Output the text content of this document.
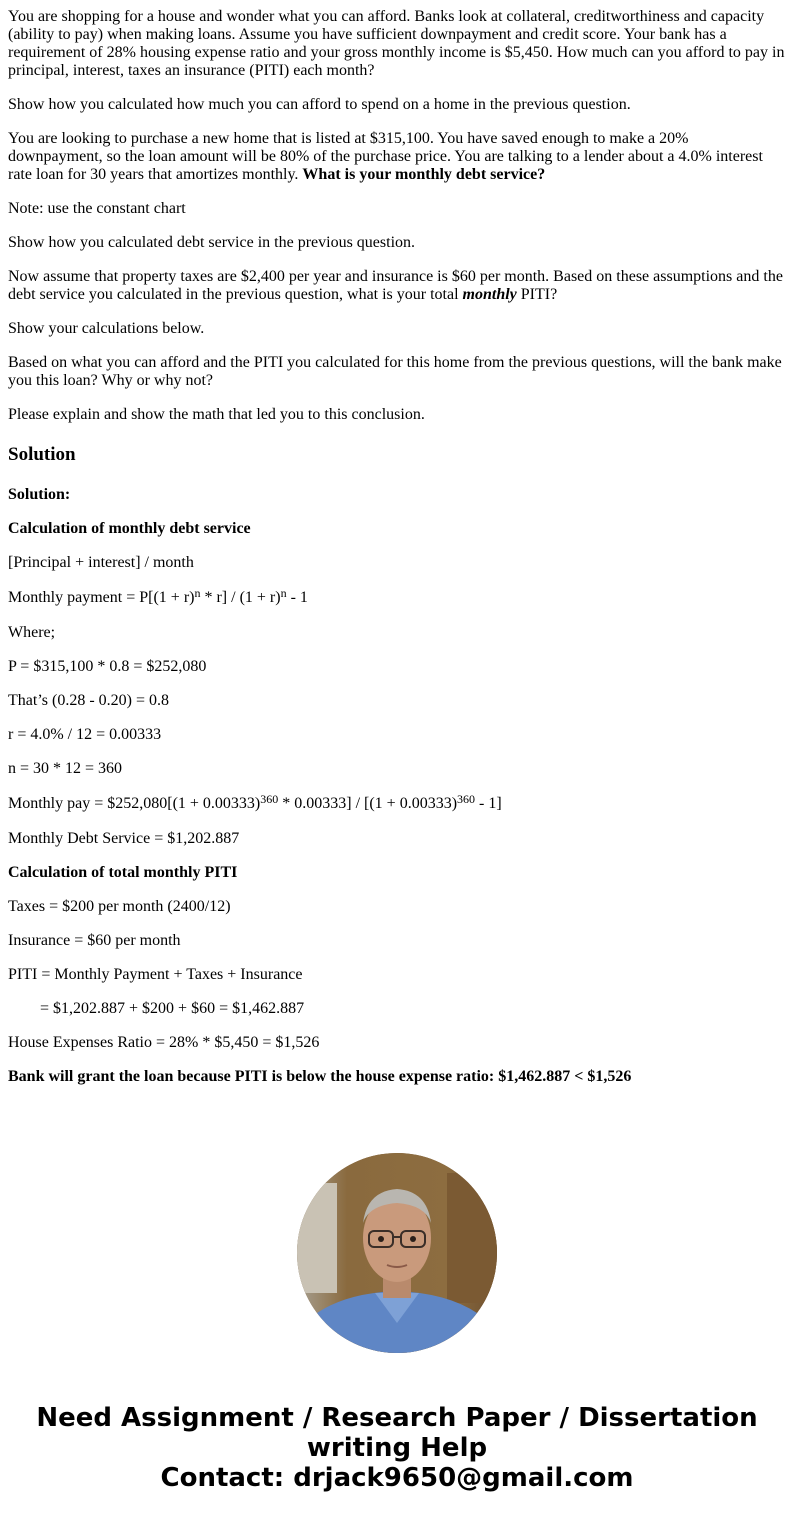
You are shopping for a house and wonder what you can afford. Banks look at collateral, creditworthiness and capacity (ability to pay) when making loans. Assume you have sufficient downpayment and credit score. Your bank has a requirement of 28% housing expense ratio and your gross monthly income is $5,450. How much can you afford to pay in principal, interest, taxes an insurance (PITI) each month?

Show how you calculated how much you can afford to spend on a home in the previous question.

You are looking to purchase a new home that is listed at $315,100. You have saved enough to make a 20% downpayment, so the loan amount will be 80% of the purchase price. You are talking to a lender about a 4.0% interest rate loan for 30 years that amortizes monthly. What is your monthly debt service?

Note: use the constant chart

Show how you calculated debt service in the previous question.

Now assume that property taxes are $2,400 per year and insurance is $60 per month. Based on these assumptions and the debt service you calculated in the previous question, what is your total monthly PITI?

Show your calculations below.

Based on what you can afford and the PITI you calculated for this home from the previous questions, will the bank make you this loan? Why or why not?

Please explain and show the math that led you to this conclusion.

Solution

Solution:

Calculation of monthly debt service

[Principal + interest] / month

Monthly payment = $P[(1 + r)^n * r] / (1 + r)^n - 1$

Where;

P = $315,100 * 0.8 = $252,080

That’s (0.28 - 0.20) = 0.8

r = 4.0% / 12 = 0.00333

n = 30 * 12 = 360

Monthly pay = $252,080[(1 + $0.00333)^{360} * 0.00333] / [(1 + 0.00333)^{360} - 1]$

Monthly Debt Service = $1,202.887

Calculation of total monthly PITI

Taxes = $200 per month (2400/12)

Insurance = $60 per month

PITI = Monthly Payment + Taxes + Insurance

= $1,202.887 + $200 + $60 = $1,462.887

House Expenses Ratio = 28% * $5,450 = $1,526

Bank will grant the loan because PITI is below the house expense ratio: $1,462.887 < $1,526

Need Assignment / Research Paper / Dissertation
writing Help
Contact: drjack9650@gmail.com
